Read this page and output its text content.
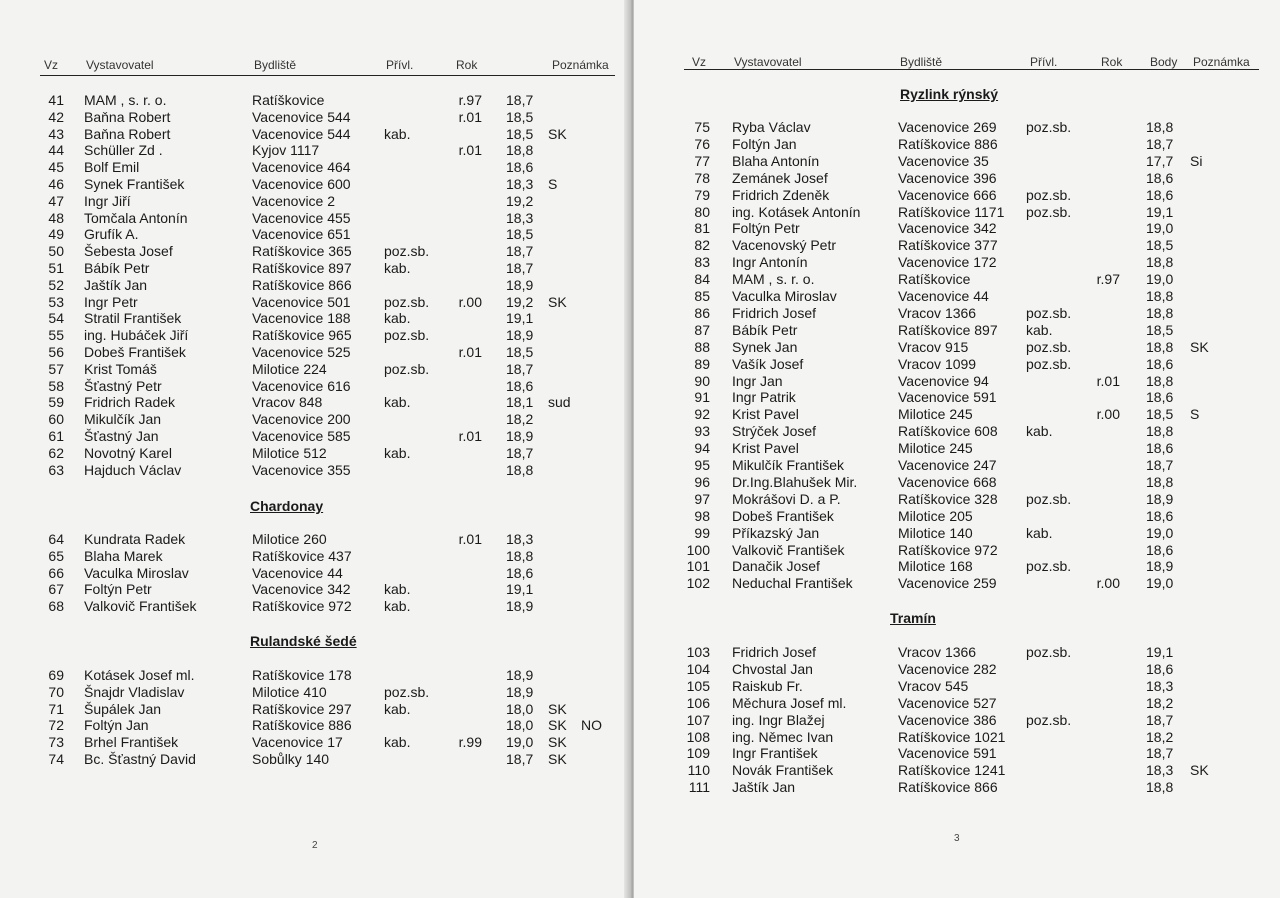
Vz Vystavovatel	Bydliště	Přívl.	Rok	Poznámka
41 MAM , s. r. o.	Ratíškovice	r.97 18,7
42 Baňna Robert	Vacenovice 544	r.01 18,5
43 Baňna Robert	Vacenovice 544 kab.	18,5 SK
44 Schüller Zd .	Kyjov 1117	r.01 18,8
45 Bolf Emil	Vacenovice 464	18,6
46 Synek František	Vacenovice 600	18,3 S
47 Ingr Jiří	Vacenovice 2	19,2
48 Tomčala Antonín	Vacenovice 455	18,3
49 Grufík A.	Vacenovice 651	18,5
50 Šebesta Josef	Ratíškovice 365 poz.sb.	18,7
51 Bábík Petr	Ratíškovice 897 kab.	18,7
52 Jaštík Jan	Ratíškovice 866	18,9
53 Ingr Petr	Vacenovice 501 poz.sb.	r.00 19,2 SK
54 Stratil František	Vacenovice 188 kab.	19,1
55 ing. Hubáček Jiří	Ratíškovice 965 poz.sb.	18,9
56 Dobeš František	Vacenovice 525	r.01 18,5
57 Krist Tomáš	Milotice 224	poz.sb.	18,7
58 Šťastný Petr	Vacenovice 616	18,6
59 Fridrich Radek	Vracov 848	kab.	18,1 sud
60 Mikulčík Jan	Vacenovice 200	18,2
61 Šťastný Jan	Vacenovice 585	r.01 18,9
62 Novotný Karel	Milotice 512	kab.	18,7
63 Hajduch Václav	Vacenovice 355	18,8
Chardonay
64 Kundrata Radek	Milotice 260	r.01 18,3
65 Blaha Marek	Ratíškovice 437	18,8
66 Vaculka Miroslav	Vacenovice 44	18,6
67 Foltýn Petr	Vacenovice 342 kab.	19,1
68 Valkovič František	Ratíškovice 972 kab.	18,9
Rulandské šedé
69 Kotásek Josef ml.	Ratíškovice 178	18,9
70 Šnajdr Vladislav	Milotice 410	poz.sb.	18,9
71 Šupálek Jan	Ratíškovice 297 kab.	18,0 SK
72 Foltýn Jan	Ratíškovice 886	18,0 SK NO
73 Brhel František	Vacenovice 17	kab.	r.99 19,0 SK
74 Bc. Šťastný David	Sobůlky 140	18,7 SK
2
Vz Vystavovatel	Bydliště	Přívl.	Rok Body Poznámka
Ryzlink rýnský
75 Ryba Václav	Vacenovice 269 poz.sb.	18,8
76 Foltýn Jan	Ratíškovice 886	18,7
77 Blaha Antonín	Vacenovice 35	17,7 Si
78 Zemánek Josef	Vacenovice 396	18,6
79 Fridrich Zdeněk	Vacenovice 666 poz.sb.	18,6
80 ing. Kotásek Antonín	Ratíškovice 1171 poz.sb.	19,1
81 Foltýn Petr	Vacenovice 342	19,0
82 Vacenovský Petr	Ratíškovice 377	18,5
83 Ingr Antonín	Vacenovice 172	18,8
84 MAM , s. r. o.	Ratíškovice	r.97 19,0
85 Vaculka Miroslav	Vacenovice 44	18,8
86 Fridrich Josef	Vracov 1366	poz.sb.	18,8
87 Bábík Petr	Ratíškovice 897 kab.	18,5
88 Synek Jan	Vracov 915	poz.sb.	18,8 SK
89 Vašík Josef	Vracov 1099	poz.sb.	18,6
90 Ingr Jan	Vacenovice 94	r.01 18,8
91 Ingr Patrik	Vacenovice 591	18,6
92 Krist Pavel	Milotice 245	r.00 18,5 S
93 Strýček Josef	Ratíškovice 608 kab.	18,8
94 Krist Pavel	Milotice 245	18,6
95 Mikulčík František	Vacenovice 247	18,7
96 Dr.Ing.Blahušek Mir.	Vacenovice 668	18,8
97 Mokrášovi D. a P.	Ratíškovice 328 poz.sb.	18,9
98 Dobeš František	Milotice 205	18,6
99 Příkazský Jan	Milotice 140	kab.	19,0
100 Valkovič František	Ratíškovice 972	18,6
101 Danačik Josef	Milotice 168	poz.sb.	18,9
102 Neduchal František	Vacenovice 259	r.00 19,0
Tramín
103 Fridrich Josef	Vracov 1366	poz.sb.	19,1
104 Chvostal Jan	Vacenovice 282	18,6
105 Raiskub Fr.	Vracov 545	18,3
106 Měchura Josef ml.	Vacenovice 527	18,2
107 ing. Ingr Blažej	Vacenovice 386 poz.sb.	18,7
108 ing. Němec Ivan	Ratíškovice 1021	18,2
109 Ingr František	Vacenovice 591	18,7
110 Novák František	Ratíškovice 1241	18,3 SK
111 Jaštík Jan	Ratíškovice 866	18,8
3
